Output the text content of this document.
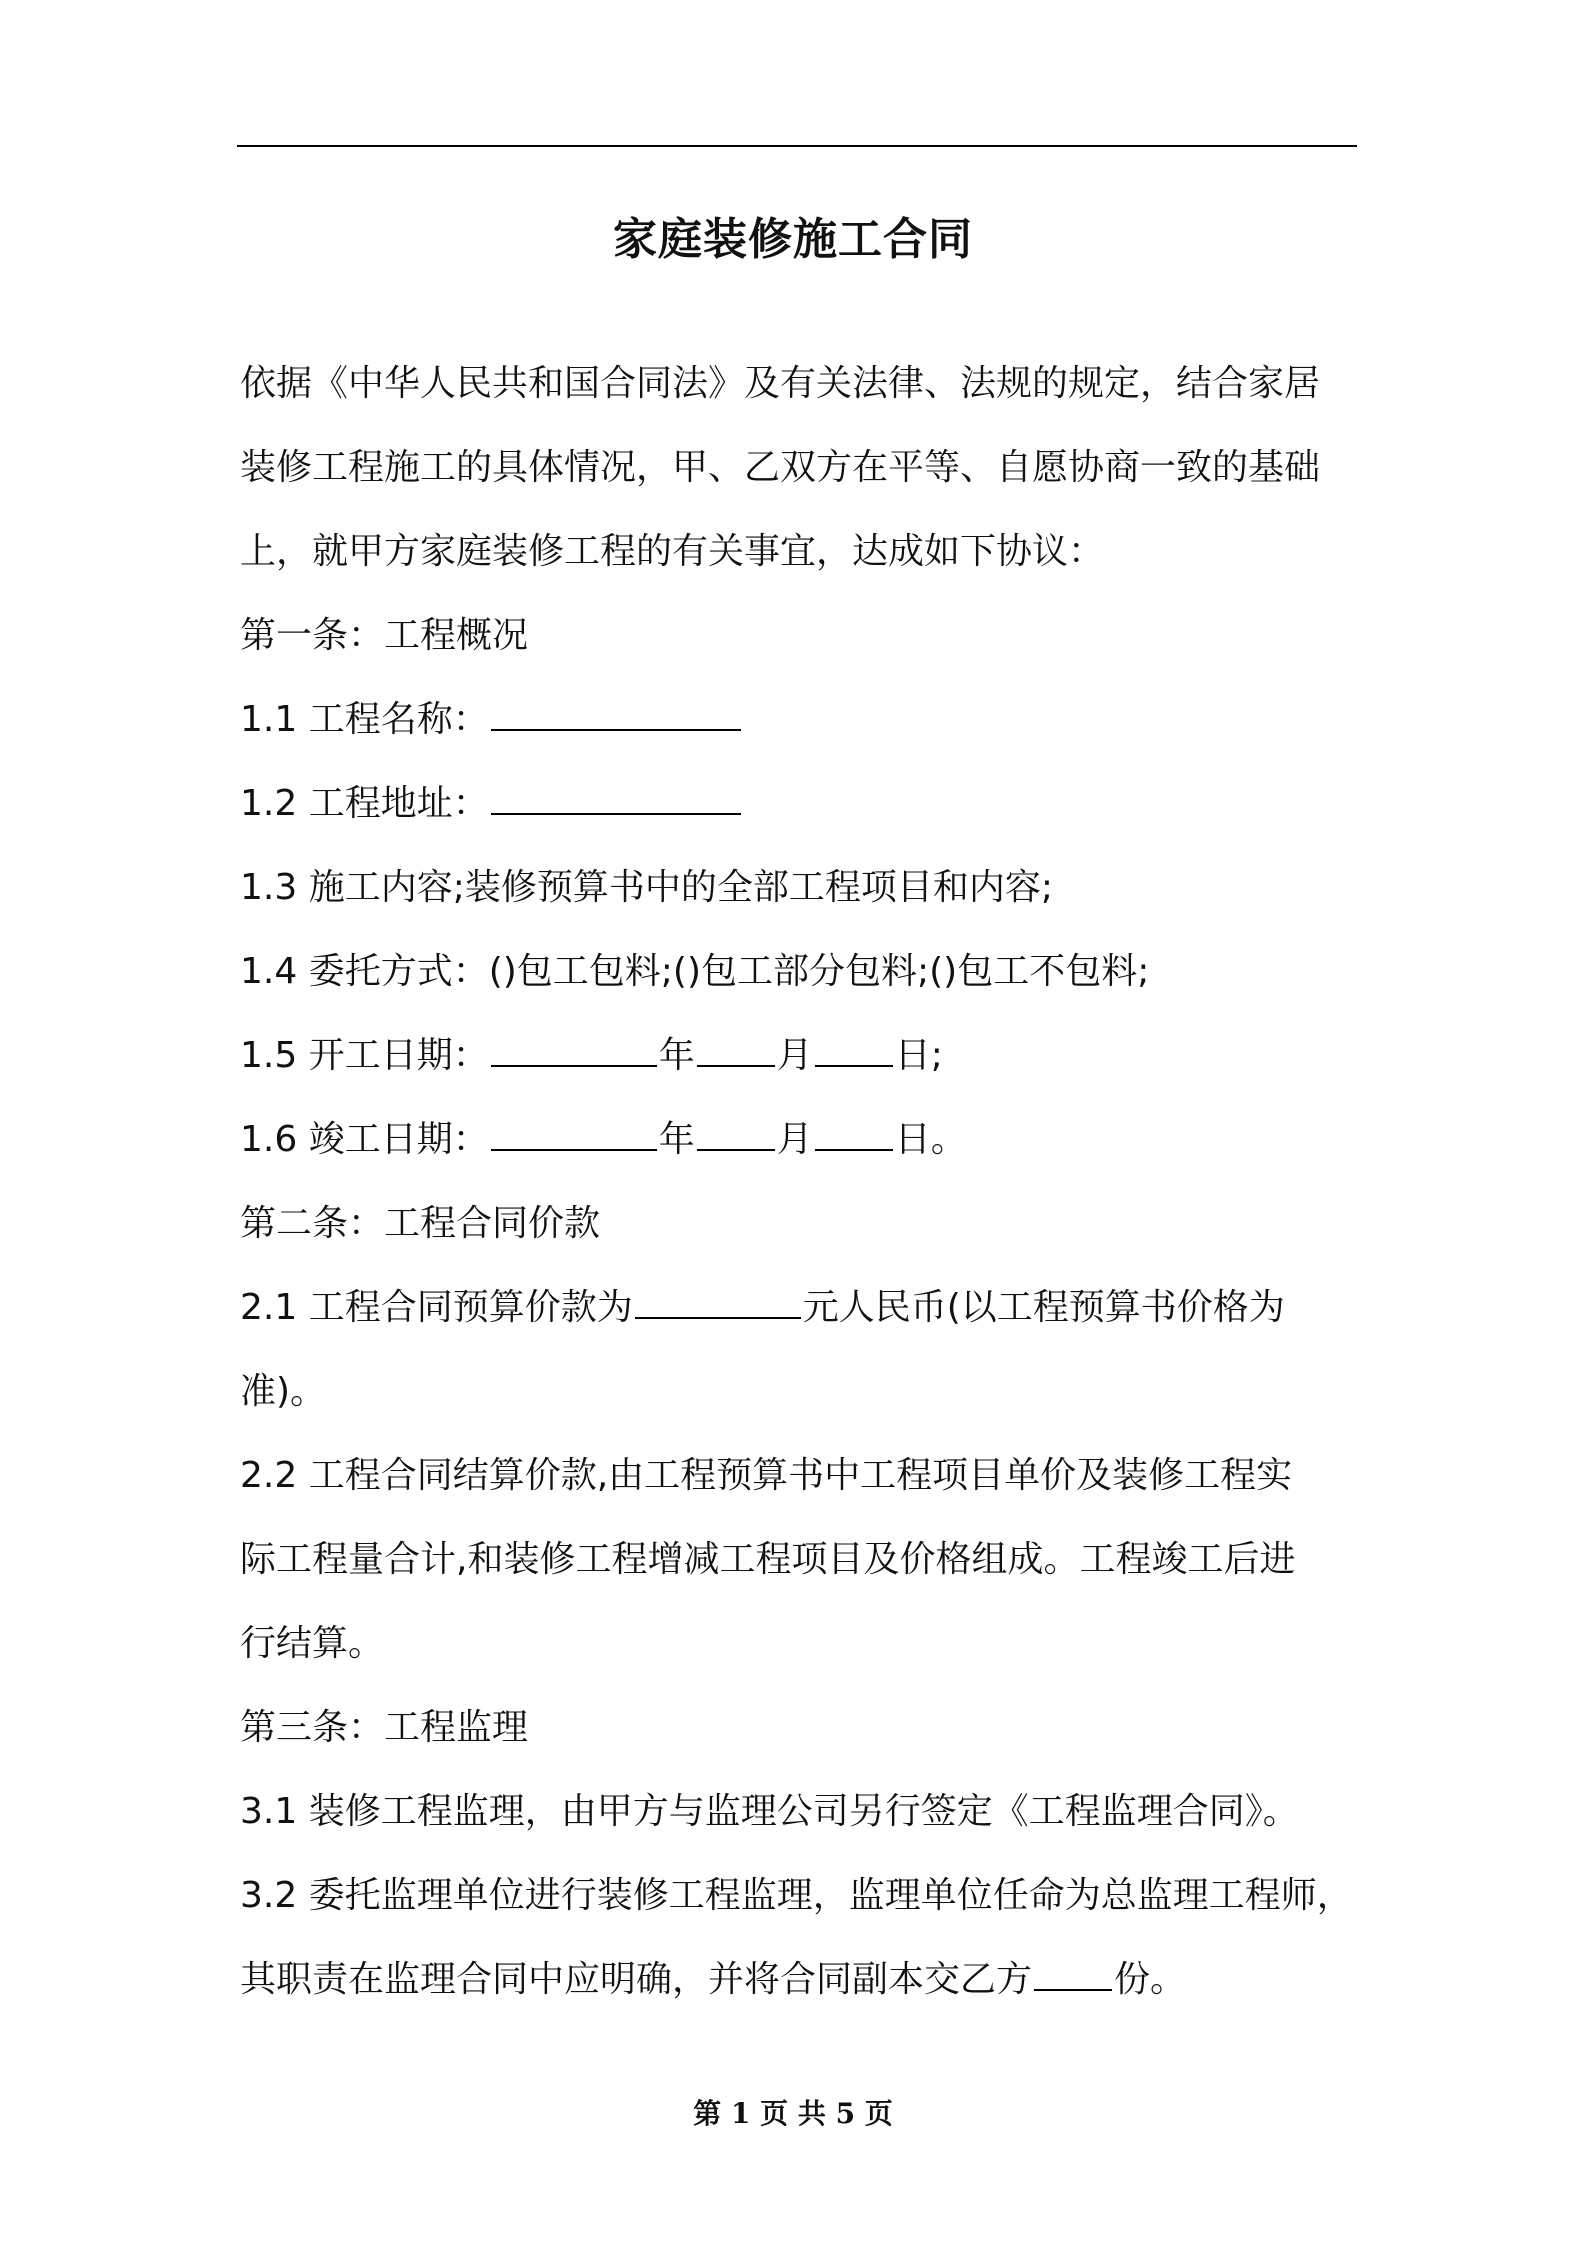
家庭装修施工合同
依据《中华人民共和国合同法》及有关法律、法规的规定，结合家居
装修工程施工的具体情况，甲、乙双方在平等、自愿协商一致的基础
上，就甲方家庭装修工程的有关事宜，达成如下协议：
第一条：工程概况
1.1 工程名称：
1.2 工程地址：
1.3 施工内容;装修预算书中的全部工程项目和内容;
1.4 委托方式：()包工包料;()包工部分包料;()包工不包料;
1.5 开工日期：	年 月 日;
1.6 竣工日期：	年 月 日。
第二条：工程合同价款
2.1 工程合同预算价款为	元人民币(以工程预算书价格为
准)。
2.2 工程合同结算价款,由工程预算书中工程项目单价及装修工程实
际工程量合计,和装修工程增减工程项目及价格组成。工程竣工后进
行结算。
第三条：工程监理
3.1 装修工程监理，由甲方与监理公司另行签定《工程监理合同》。
3.2 委托监理单位进行装修工程监理，监理单位任命为总监理工程师，
其职责在监理合同中应明确，并将合同副本交乙方 份。
第 1 页 共 5 页
